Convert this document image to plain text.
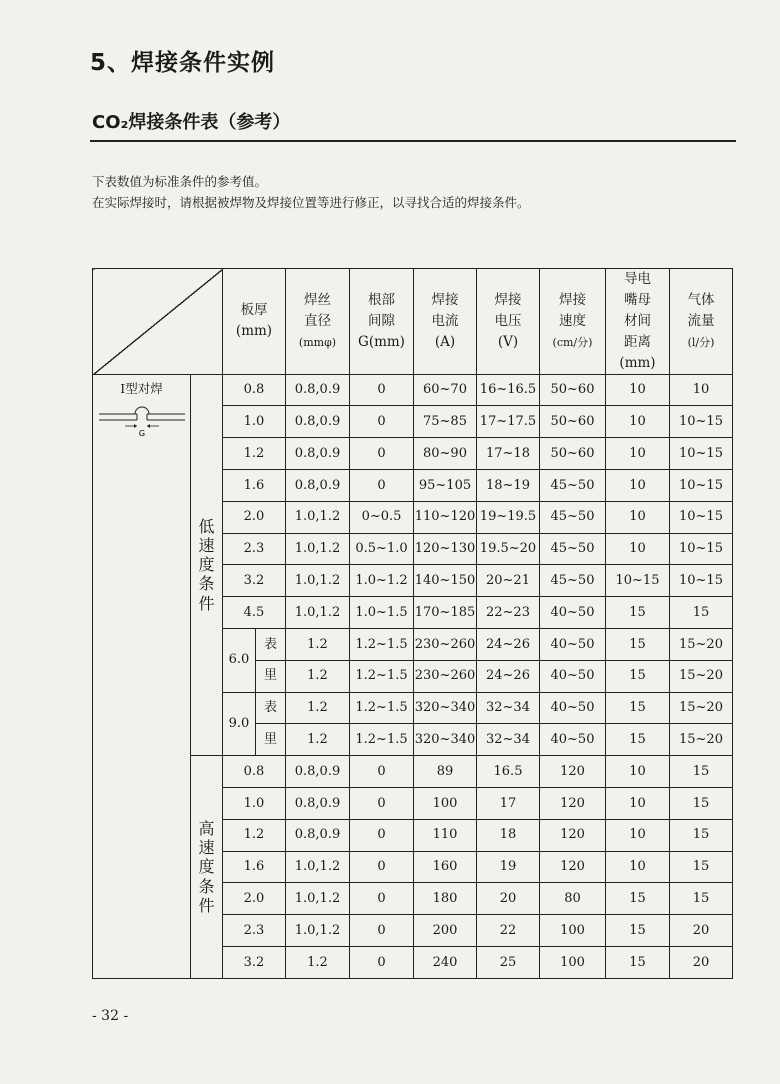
5、焊接条件实例
CO₂焊接条件表（参考）
下表数值为标准条件的参考值。
在实际焊接时，请根据被焊物及焊接位置等进行修正，以寻找合适的焊接条件。
		板厚
(mm)		焊丝
直径
(mmφ)	根部
间隙
G(mm)	焊接
电流
(A)	焊接
电压
(V)	焊接
速度
(cm/分)	导电
嘴母
材间
距离
(mm)	气体
流量
(l/分)

I型对焊
G	低
速
度
条
件	0.8		0.8,0.9	0	60~70	16~16.5	50~60	10	10
		1.0		0.8,0.9	0	75~85	17~17.5	50~60	10	10~15
		1.2		0.8,0.9	0	80~90	17~18	50~60	10	10~15
		1.6		0.8,0.9	0	95~105	18~19	45~50	10	10~15
		2.0		1.0,1.2	0~0.5	110~120	19~19.5	45~50	10	10~15
		2.3		1.0,1.2	0.5~1.0	120~130	19.5~20	45~50	10	10~15
		3.2		1.0,1.2	1.0~1.2	140~150	20~21	45~50	10~15	10~15
		4.5		1.0,1.2	1.0~1.5	170~185	22~23	40~50	15	15
		6.0	表	1.2	1.2~1.5	230~260	24~26	40~50	15	15~20
			里	1.2	1.2~1.5	230~260	24~26	40~50	15	15~20
		9.0	表	1.2	1.2~1.5	320~340	32~34	40~50	15	15~20
			里	1.2	1.2~1.5	320~340	32~34	40~50	15	15~20

	高
速
度
条
件	0.8		0.8,0.9	0	89	16.5	120	10	15
		1.0		0.8,0.9	0	100	17	120	10	15
		1.2		0.8,0.9	0	110	18	120	10	15
		1.6		1.0,1.2	0	160	19	120	10	15
		2.0		1.0,1.2	0	180	20	80	15	15
		2.3		1.0,1.2	0	200	22	100	15	20
		3.2		1.2	0	240	25	100	15	20
- 32 -
